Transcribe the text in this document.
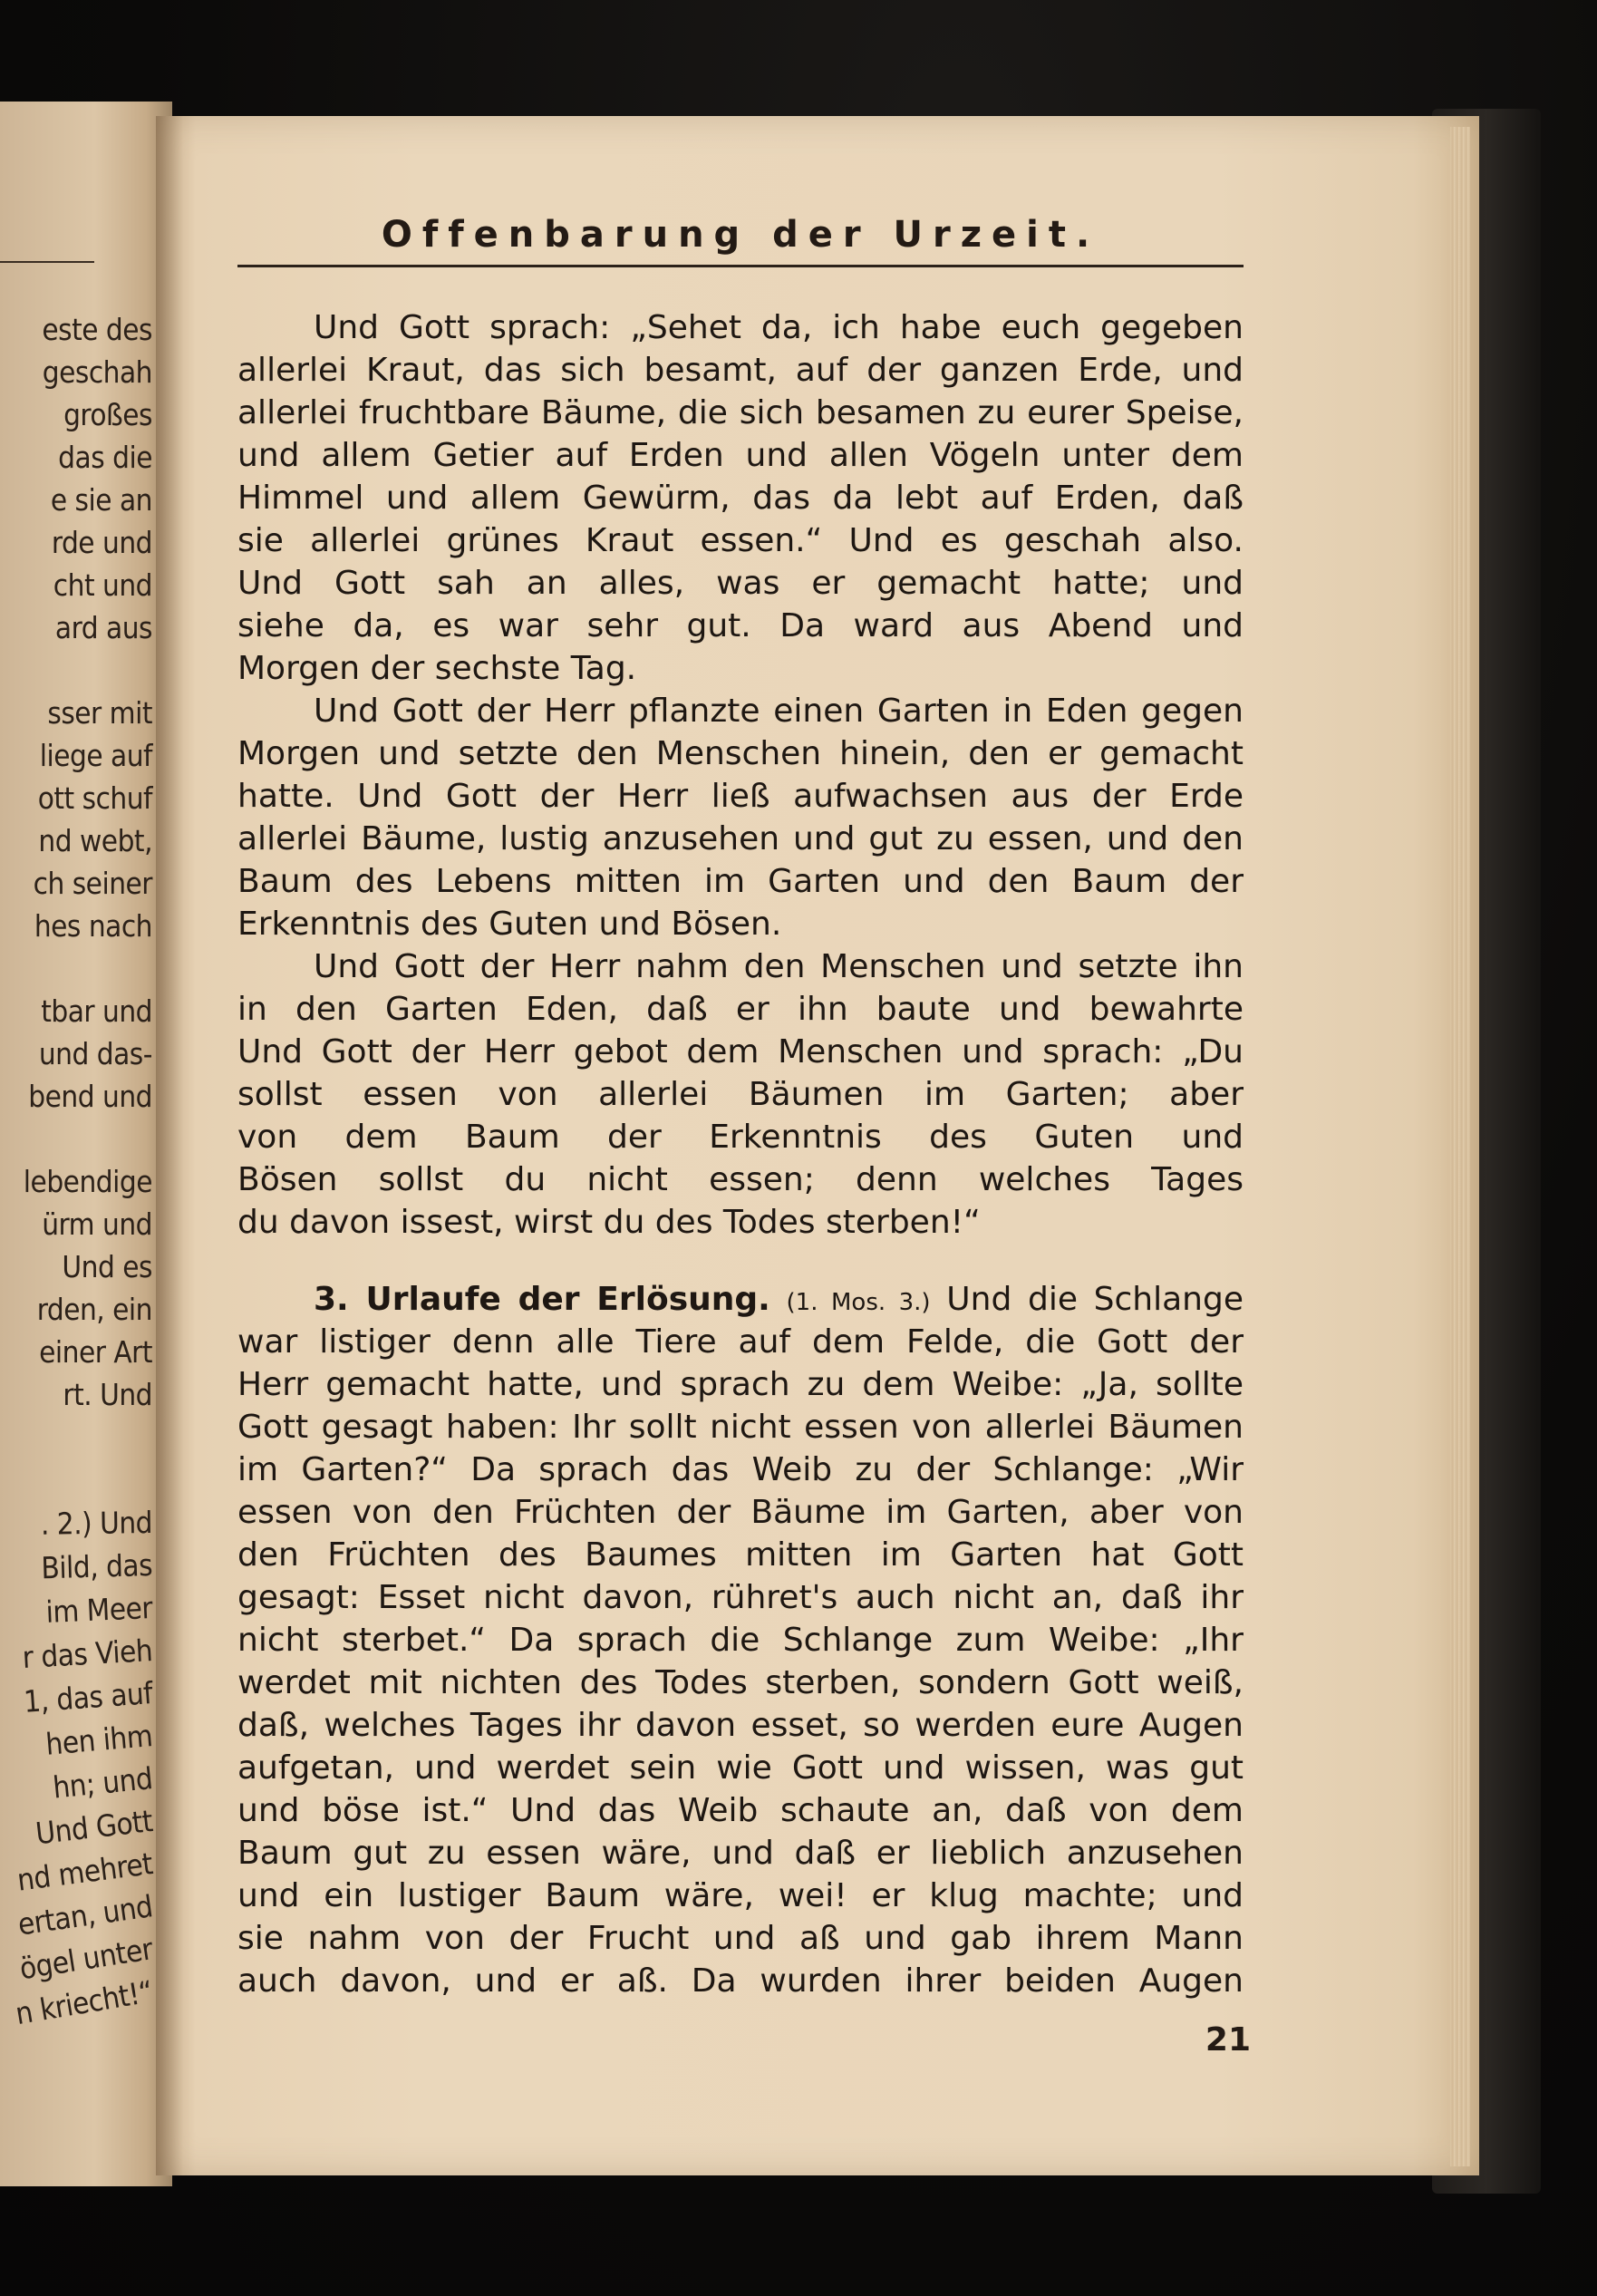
este des
geschah
großes
das die
e sie an
rde und
cht und
ard aus
sser mit
liege auf
ott schuf
nd webt,
ch seiner
hes nach
tbar und
und das-
bend und
lebendige
ürm und
Und es
rden, ein
einer Art
rt. Und
. 2.) Und
Bild, das
im Meer
r das Vieh
1, das auf
hen ihm
hn; und
Und Gott
nd mehret
ertan, und
ögel unter
n kriecht!“
Offenbarung der Urzeit.
Und Gott sprach: „Sehet da, ich habe euch gegeben
allerlei Kraut, das sich besamt, auf der ganzen Erde, und
allerlei fruchtbare Bäume, die sich besamen zu eurer Speise,
und allem Getier auf Erden und allen Vögeln unter dem
Himmel und allem Gewürm, das da lebt auf Erden, daß
sie allerlei grünes Kraut essen.“ Und es geschah also.
Und Gott sah an alles, was er gemacht hatte; und
siehe da, es war sehr gut. Da ward aus Abend und
Morgen der sechste Tag.
Und Gott der Herr pflanzte einen Garten in Eden gegen
Morgen und setzte den Menschen hinein, den er gemacht
hatte. Und Gott der Herr ließ aufwachsen aus der Erde
allerlei Bäume, lustig anzusehen und gut zu essen, und den
Baum des Lebens mitten im Garten und den Baum der
Erkenntnis des Guten und Bösen.
Und Gott der Herr nahm den Menschen und setzte ihn
in den Garten Eden, daß er ihn baute und bewahrte
Und Gott der Herr gebot dem Menschen und sprach: „Du
sollst essen von allerlei Bäumen im Garten; aber
von dem Baum der Erkenntnis des Guten und
Bösen sollst du nicht essen; denn welches Tages
du davon issest, wirst du des Todes sterben!“
3. Urlaufe der Erlösung. (1. Mos. 3.) Und die Schlange
war listiger denn alle Tiere auf dem Felde, die Gott der
Herr gemacht hatte, und sprach zu dem Weibe: „Ja, sollte
Gott gesagt haben: Ihr sollt nicht essen von allerlei Bäumen
im Garten?“ Da sprach das Weib zu der Schlange: „Wir
essen von den Früchten der Bäume im Garten, aber von
den Früchten des Baumes mitten im Garten hat Gott
gesagt: Esset nicht davon, rühret's auch nicht an, daß ihr
nicht sterbet.“ Da sprach die Schlange zum Weibe: „Ihr
werdet mit nichten des Todes sterben, sondern Gott weiß,
daß, welches Tages ihr davon esset, so werden eure Augen
aufgetan, und werdet sein wie Gott und wissen, was gut
und böse ist.“ Und das Weib schaute an, daß von dem
Baum gut zu essen wäre, und daß er lieblich anzusehen
und ein lustiger Baum wäre, wei! er klug machte; und
sie nahm von der Frucht und aß und gab ihrem Mann
auch davon, und er aß. Da wurden ihrer beiden Augen
21
